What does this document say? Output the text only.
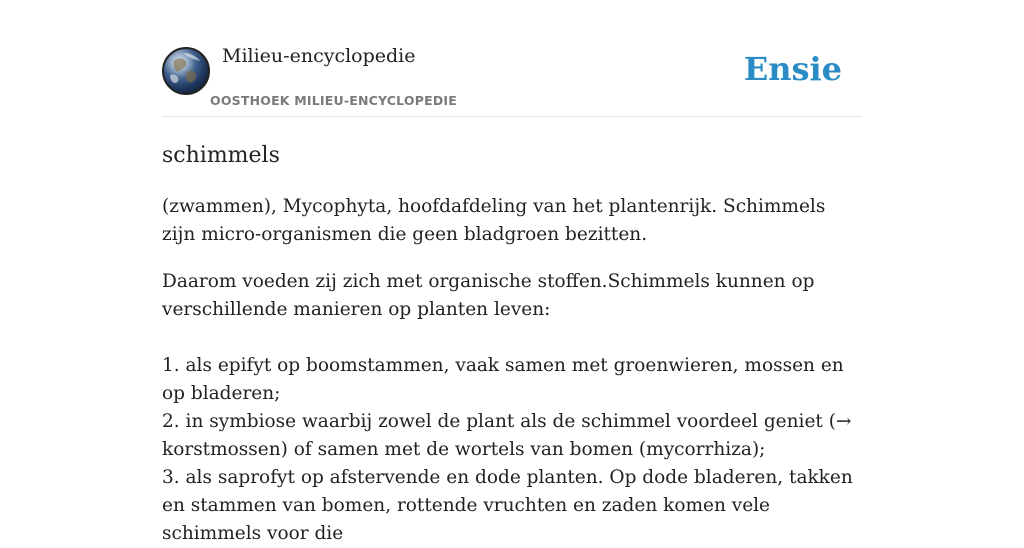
Milieu-encyclopedie
OOSTHOEK MILIEU-ENCYCLOPEDIE
Ensie
schimmels

(zwammen), Mycophyta, hoofdafdeling van het plantenrijk. Schimmels zijn micro-organismen die geen bladgroen bezitten.

Daarom voeden zij zich met organische stoffen.Schimmels kunnen op verschillende manieren op planten leven:

1. als epifyt op boomstammen, vaak samen met groenwieren, mossen en op bladeren;
2. in symbiose waarbij zowel de plant als de schimmel voordeel geniet (→ korstmossen) of samen met de wortels van bomen (mycorrhiza);
3. als saprofyt op afstervende en dode planten. Op dode bladeren, takken en stammen van bomen, rottende vruchten en zaden komen vele schimmels voor die
